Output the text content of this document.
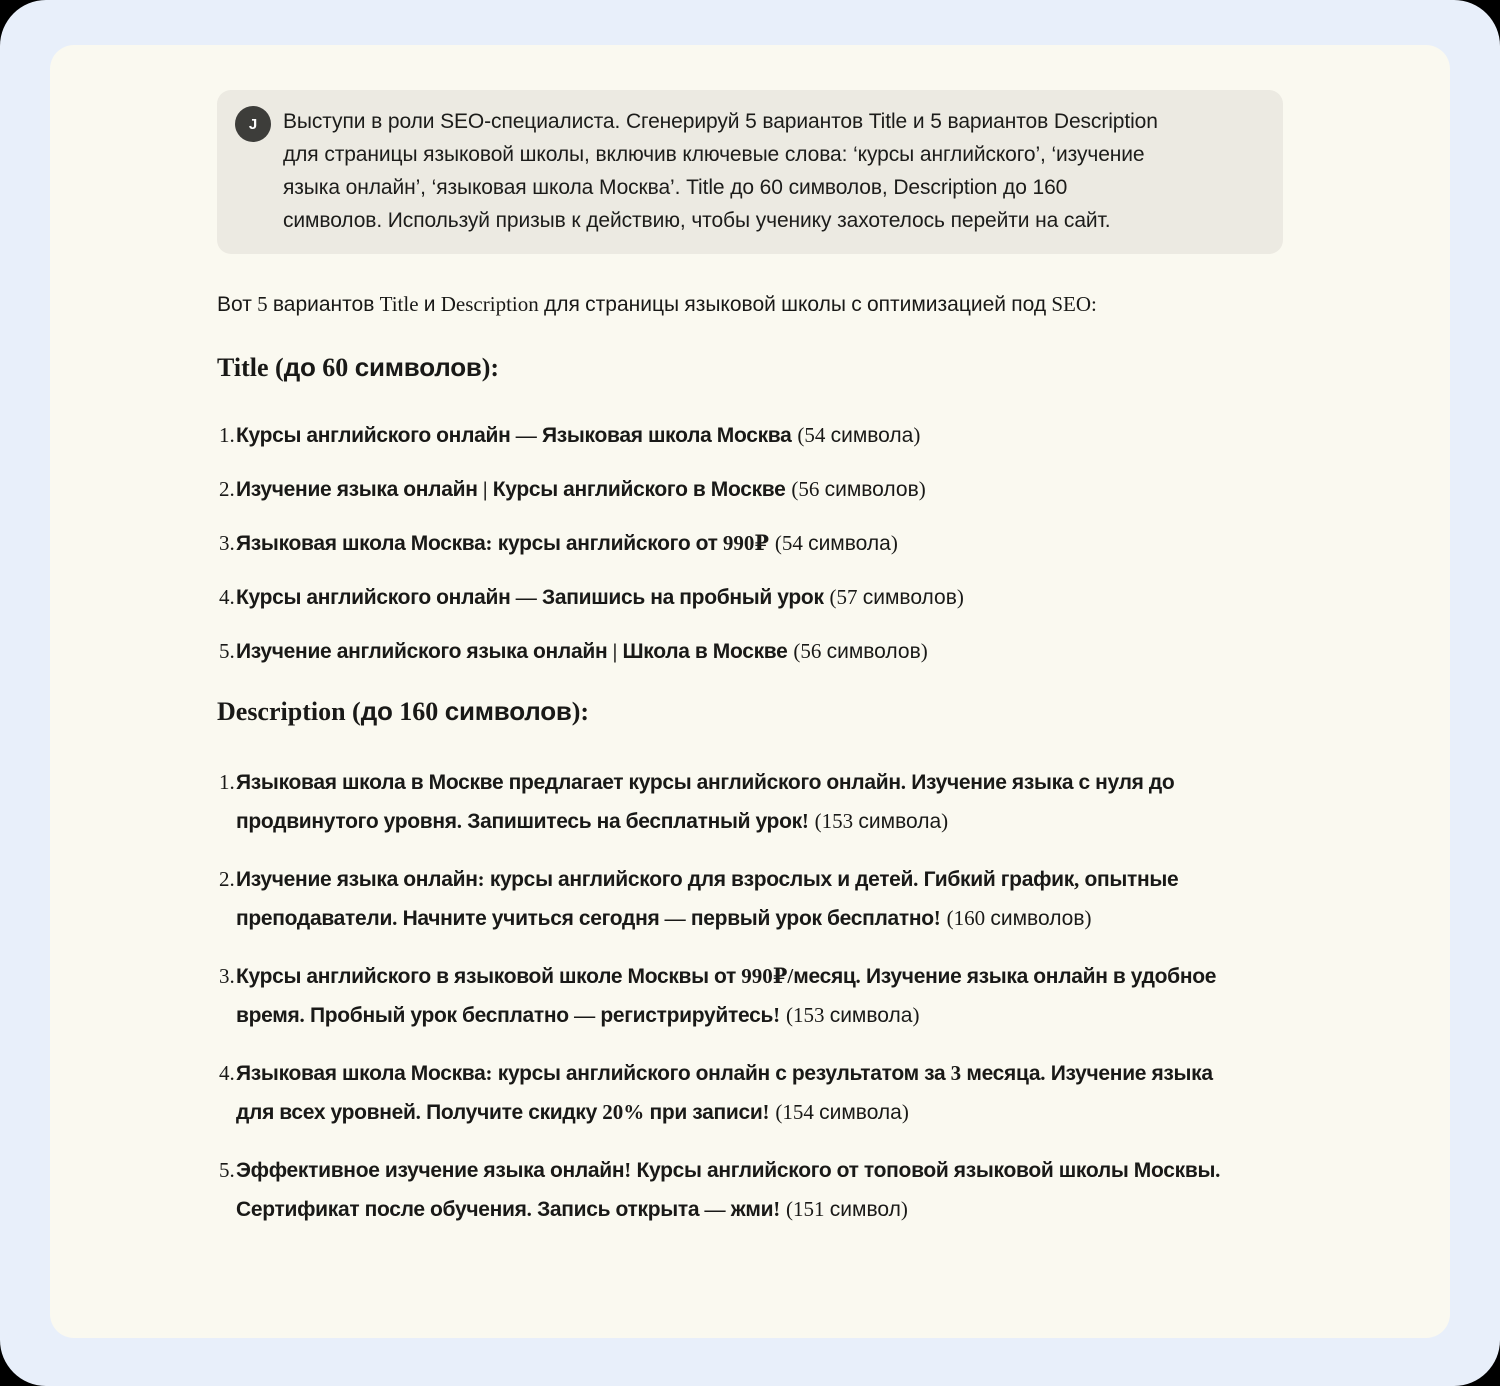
J Выступи в роли SEO-специалиста. Сгенерируй 5 вариантов Title и 5 вариантов Description для страницы языковой школы, включив ключевые слова: ‘курсы английского’, ‘изучение языка онлайн’, ‘языковая школа Москва’. Title до 60 символов, Description до 160 символов. Используй призыв к действию, чтобы ученику захотелось перейти на сайт.

Вот 5 вариантов Title и Description для страницы языковой школы с оптимизацией под SEO:

Title (до 60 символов):
1. Курсы английского онлайн — Языковая школа Москва (54 символа)
2. Изучение языка онлайн | Курсы английского в Москве (56 символов)
3. Языковая школа Москва: курсы английского от 990₽ (54 символа)
4. Курсы английского онлайн — Запишись на пробный урок (57 символов)
5. Изучение английского языка онлайн | Школа в Москве (56 символов)
Description (до 160 символов):
1. Языковая школа в Москве предлагает курсы английского онлайн. Изучение языка с нуля до продвинутого уровня. Запишитесь на бесплатный урок! (153 символа)
2. Изучение языка онлайн: курсы английского для взрослых и детей. Гибкий график, опытные преподаватели. Начните учиться сегодня — первый урок бесплатно! (160 символов)
3. Курсы английского в языковой школе Москвы от 990₽/месяц. Изучение языка онлайн в удобное время. Пробный урок бесплатно — регистрируйтесь! (153 символа)
4. Языковая школа Москва: курсы английского онлайн с результатом за 3 месяца. Изучение языка для всех уровней. Получите скидку 20% при записи! (154 символа)
5. Эффективное изучение языка онлайн! Курсы английского от топовой языковой школы Москвы. Сертификат после обучения. Запись открыта — жми! (151 символ)
